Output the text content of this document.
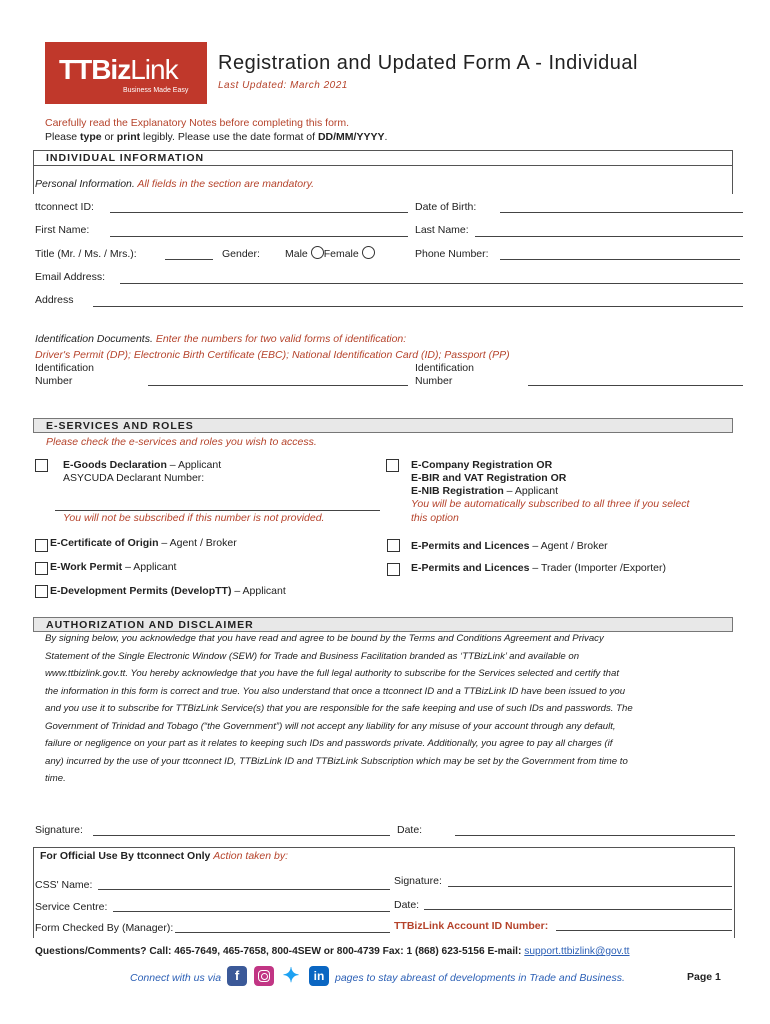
TTBizLink
Business Made Easy
Registration and Updated Form A - Individual
Last Updated: March 2021
Carefully read the Explanatory Notes before completing this form.
Please type or print legibly. Please use the date format of DD/MM/YYYY.
INDIVIDUAL INFORMATION
Personal Information. All fields in the section are mandatory.
ttconnect ID:	Date of Birth:
First Name:	Last Name:
Title (Mr. / Ms. / Mrs.):	Gender: Male Female	Phone Number:
Email Address:
Address
Identification Documents. Enter the numbers for two valid forms of identification:
Driver's Permit (DP); Electronic Birth Certificate (EBC); National Identification Card (ID); Passport (PP)
Identification
Number
Identification
Number
E-SERVICES AND ROLES
Please check the e-services and roles you wish to access.
E-Goods Declaration – Applicant
ASYCUDA Declarant Number:
You will not be subscribed if this number is not provided.
E-Company Registration OR
E-BIR and VAT Registration OR
E-NIB Registration – Applicant
You will be automatically subscribed to all three if you select
this option
E-Certificate of Origin – Agent / Broker	E-Permits and Licences – Agent / Broker
E-Work Permit – Applicant	E-Permits and Licences – Trader (Importer /Exporter)
E-Development Permits (DevelopTT) – Applicant
AUTHORIZATION AND DISCLAIMER
By signing below, you acknowledge that you have read and agree to be bound by the Terms and Conditions Agreement and Privacy
Statement of the Single Electronic Window (SEW) for Trade and Business Facilitation branded as ‘TTBizLink’ and available on
www.ttbizlink.gov.tt. You hereby acknowledge that you have the full legal authority to subscribe for the Services selected and certify that
the information in this form is correct and true. You also understand that once a ttconnect ID and a TTBizLink ID have been issued to you
and you use it to subscribe for TTBizLink Service(s) that you are responsible for the safe keeping and use of such IDs and passwords. The
Government of Trinidad and Tobago (“the Government”) will not accept any liability for any misuse of your account through any default,
failure or negligence on your part as it relates to keeping such IDs and passwords private. Additionally, you agree to pay all charges (if
any) incurred by the use of your ttconnect ID, TTBizLink ID and TTBizLink Subscription which may be set by the Government from time to
time.
Signature:	Date:
For Official Use By ttconnect Only Action taken by:
CSS' Name:	Signature:
Service Centre:	Date:
Form Checked By (Manager):	TTBizLink Account ID Number:
Questions/Comments? Call: 465-7649, 465-7658, 800-4SEW or 800-4739 Fax: 1 (868) 623-5156 E-mail: support.ttbizlink@gov.tt
Connect with us via	f	✦	in	pages to stay abreast of developments in Trade and Business.	Page 1
